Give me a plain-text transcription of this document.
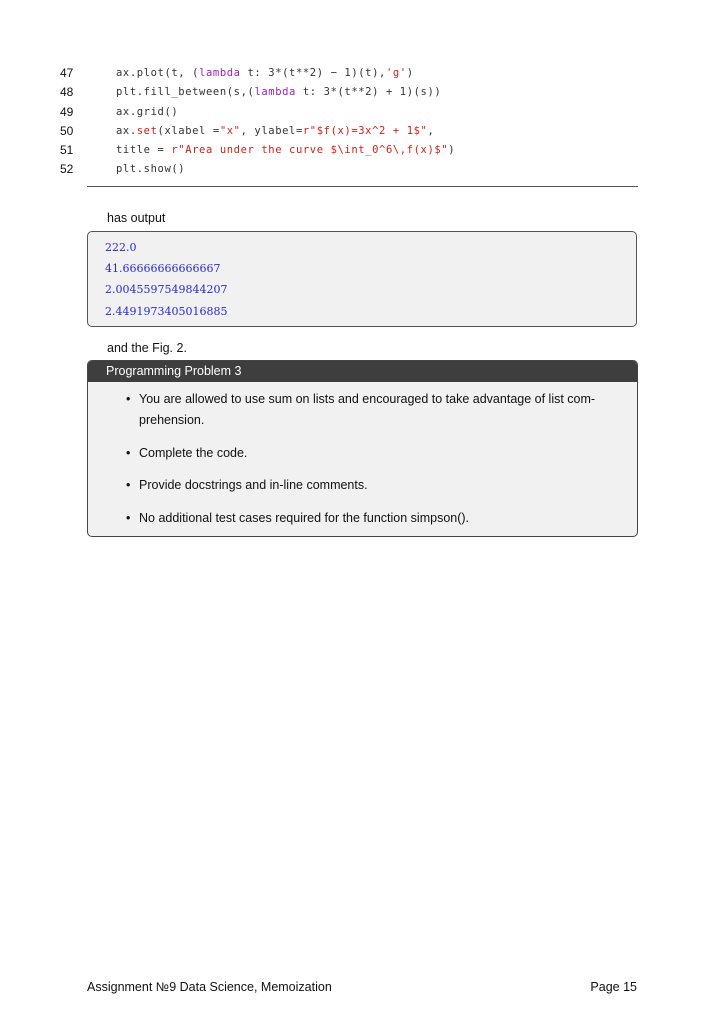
47	ax.plot(t, (lambda t: 3*(t**2) − 1)(t),'g')
48	plt.fill_between(s,(lambda t: 3*(t**2) + 1)(s))
49	ax.grid()
50	ax.set(xlabel ="x", ylabel=r"$f(x)=3x^2 + 1$",
51	title = r"Area under the curve $\int_0^6\,f(x)$")
52	plt.show()
has output
222.0
41.66666666666667
2.0045597549844207
2.4491973405016885
and the Fig. 2.
Programming Problem 3
• You are allowed to use sum on lists and encouraged to take advantage of list com-
prehension.
• Complete the code.
• Provide docstrings and in-line comments.
• No additional test cases required for the function simpson().
Assignment №9 Data Science, Memoization	Page 15
